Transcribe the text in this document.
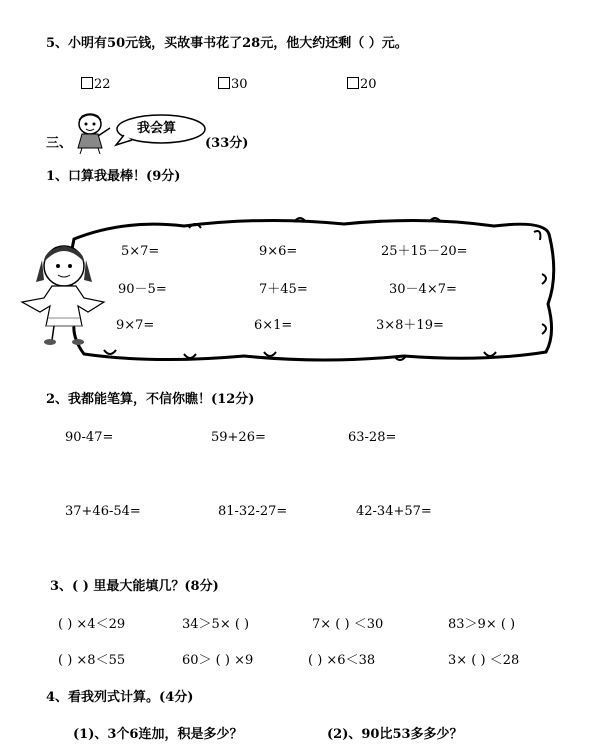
5、小明有50元钱，买故事书花了28元，他大约还剩（ ）元。
22	30	20
三、
我会算
(33分)
1、口算我最棒！(9分)
5×7=	9×6=	25＋15－20=
90－5=	7＋45=	30－4×7=
9×7=	6×1=	3×8＋19=
2、我都能笔算，不信你瞧！(12分)
90-47=	59+26=	63-28=
37+46-54=	81-32-27=	42-34+57=
3、( ) 里最大能填几？(8分)
( ) ×4＜29	34＞5× ( )	7× ( ) ＜30	83＞9× ( )
( ) ×8＜55	60＞ ( ) ×9	( ) ×6＜38	3× ( ) ＜28
4、看我列式计算。(4分)
(1)、3个6连加，积是多少？	(2)、90比53多多少？
